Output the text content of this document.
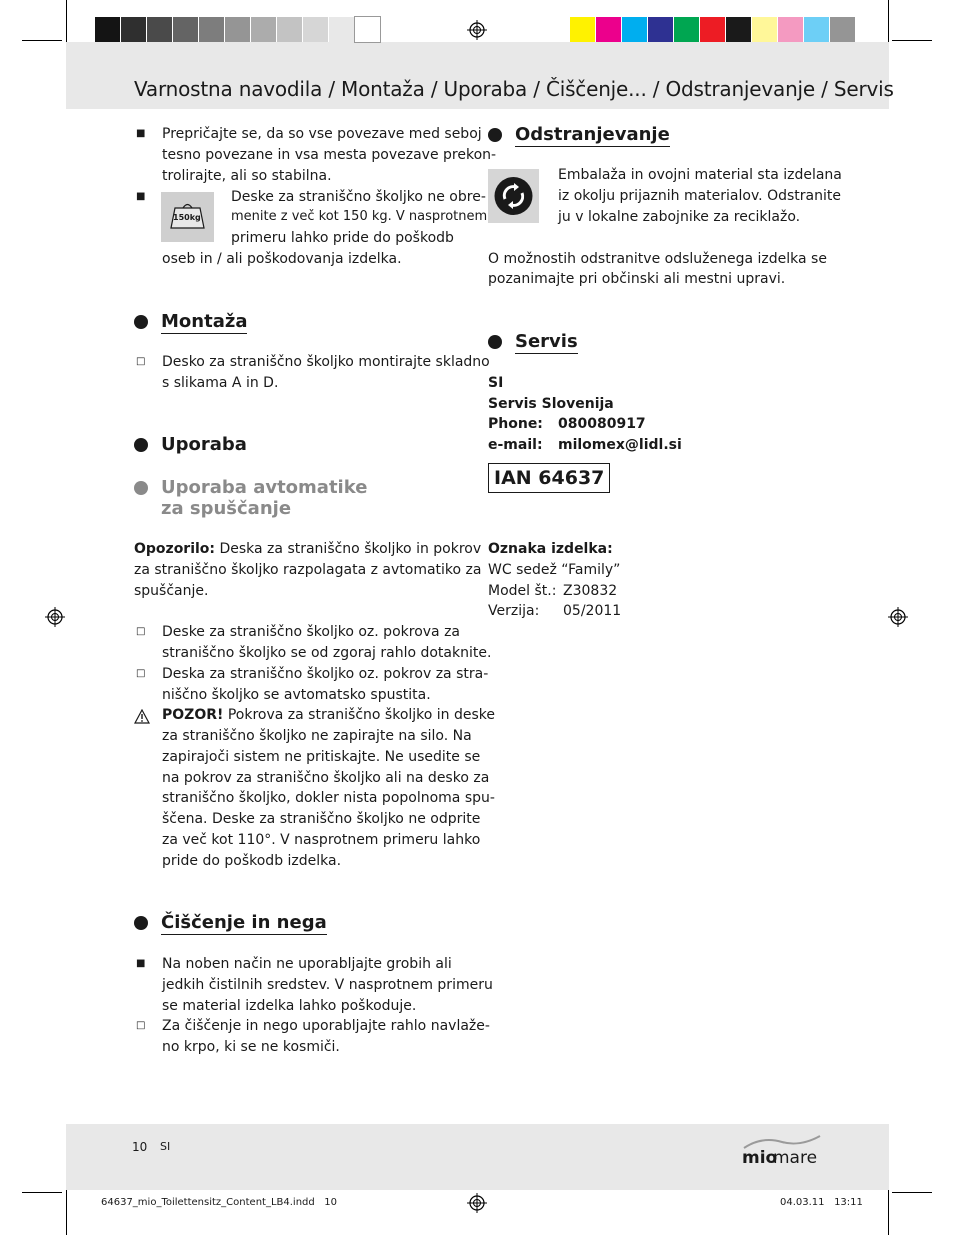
Varnostna navodila / Montaža / Uporaba / Čiščenje... / Odstranjevanje / Servis
■ Prepričajte se, da so vse povezave med seboj
tesno povezane in vsa mesta povezave prekon-
trolirajte, ali so stabilna.
■
150kg
Deske za straniščno školjko ne obre-
menite z več kot 150 kg. V nasprotnem
primeru lahko pride do poškodb
oseb in / ali poškodovanja izdelka.
Montaža
□ Desko za straniščno školjko montirajte skladno
s slikama A in D.
Uporaba
Uporaba avtomatike
za spuščanje
Opozorilo: Deska za straniščno školjko in pokrov
za straniščno školjko razpolagata z avtomatiko za
spuščanje.
□ Deske za straniščno školjko oz. pokrova za
straniščno školjko se od zgoraj rahlo dotaknite.
□ Deska za straniščno školjko oz. pokrov za stra-
niščno školjko se avtomatsko spustita.
POZOR! Pokrova za straniščno školjko in deske
za straniščno školjko ne zapirajte na silo. Na
zapirajoči sistem ne pritiskajte. Ne usedite se
na pokrov za straniščno školjko ali na desko za
straniščno školjko, dokler nista popolnoma spu-
ščena. Deske za straniščno školjko ne odprite
za več kot 110°. V nasprotnem primeru lahko
pride do poškodb izdelka.
Čiščenje in nega
■ Na noben način ne uporabljajte grobih ali
jedkih čistilnih sredstev. V nasprotnem primeru
se material izdelka lahko poškoduje.
□ Za čiščenje in nego uporabljajte rahlo navlaže-
no krpo, ki se ne kosmiči.
Odstranjevanje
Embalaža in ovojni material sta izdelana
iz okolju prijaznih materialov. Odstranite
ju v lokalne zabojnike za reciklažo.
O možnostih odstranitve odsluženega izdelka se
pozanimajte pri občinski ali mestni upravi.
Servis
SI
Servis Slovenija
Phone: 080080917
e-mail: milomex@lidl.si
IAN 64637
Oznaka izdelka:
WC sedež “Family”
Model št.: Z30832
Verzija: 05/2011
10 SI
mio
mare
64637_mio_Toilettensitz_Content_LB4.indd   10	04.03.11   13:11
